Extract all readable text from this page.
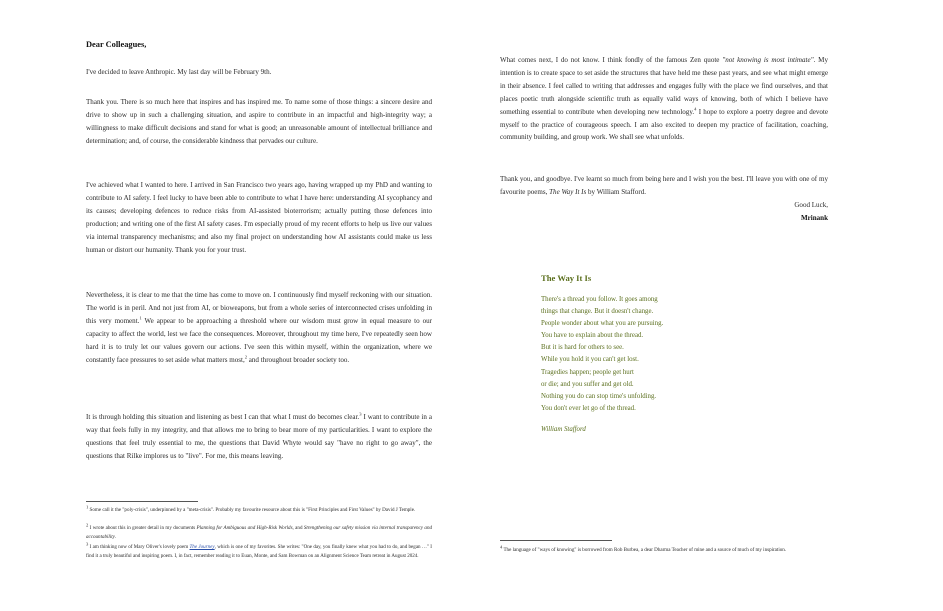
Dear Colleagues,

I've decided to leave Anthropic. My last day will be February 9th.

Thank you. There is so much here that inspires and has inspired me. To name some of those things: a sincere desire and drive to show up in such a challenging situation, and aspire to contribute in an impactful and high-integrity way; a willingness to make difficult decisions and stand for what is good; an unreasonable amount of intellectual brilliance and determination; and, of course, the considerable kindness that pervades our culture.

I've achieved what I wanted to here. I arrived in San Francisco two years ago, having wrapped up my PhD and wanting to contribute to AI safety. I feel lucky to have been able to contribute to what I have here: understanding AI sycophancy and its causes; developing defences to reduce risks from AI-assisted bioterrorism; actually putting those defences into production; and writing one of the first AI safety cases. I'm especially proud of my recent efforts to help us live our values via internal transparency mechanisms; and also my final project on understanding how AI assistants could make us less human or distort our humanity. Thank you for your trust.

Nevertheless, it is clear to me that the time has come to move on. I continuously find myself reckoning with our situation. The world is in peril. And not just from AI, or bioweapons, but from a whole series of interconnected crises unfolding in this very moment.$^1$ We appear to be approaching a threshold where our wisdom must grow in equal measure to our capacity to affect the world, lest we face the consequences. Moreover, throughout my time here, I've repeatedly seen how hard it is to truly let our values govern our actions. I've seen this within myself, within the organization, where we constantly face pressures to set aside what matters most,$^2$ and throughout broader society too.

It is through holding this situation and listening as best I can that what I must do becomes clear.$^3$ I want to contribute in a way that feels fully in my integrity, and that allows me to bring to bear more of my particularities. I want to explore the questions that feel truly essential to me, the questions that David Whyte would say "have no right to go away", the questions that Rilke implores us to "live". For me, this means leaving.

1 Some call it the "poly-crisis", underpinned by a "meta-crisis". Probably my favourite resource about this is "First Principles and First Values" by David J Temple.

2 I wrote about this in greater detail in my documents Planning for Ambiguous and High-Risk Worlds, and Strengthening our safety mission via internal transparency and accountability.

3 I am thinking now of Mary Oliver's lovely poem The Journey, which is one of my favorites. She writes: "One day, you finally knew what you had to do, and began …" I find it a truly beautiful and inspiring poem. I, in fact, remember reading it to Euan, Monte, and Sam Bowman on an Alignment Science Team retreat in August 2024.

What comes next, I do not know. I think fondly of the famous Zen quote "not knowing is most intimate". My intention is to create space to set aside the structures that have held me these past years, and see what might emerge in their absence. I feel called to writing that addresses and engages fully with the place we find ourselves, and that places poetic truth alongside scientific truth as equally valid ways of knowing, both of which I believe have something essential to contribute when developing new technology.$^4$ I hope to explore a poetry degree and devote myself to the practice of courageous speech. I am also excited to deepen my practice of facilitation, coaching, community building, and group work. We shall see what unfolds.

Thank you, and goodbye. I've learnt so much from being here and I wish you the best. I'll leave you with one of my favourite poems, The Way It Is by William Stafford.

Good Luck,
Mrinank

4 The language of "ways of knowing" is borrowed from Rob Burbea, a dear Dharma Teacher of mine and a source of much of my inspiration.

The Way It Is
There's a thread you follow. It goes among
things that change. But it doesn't change.
People wonder about what you are pursuing.
You have to explain about the thread.
But it is hard for others to see.
While you hold it you can't get lost.
Tragedies happen; people get hurt
or die; and you suffer and get old.
Nothing you do can stop time's unfolding.
You don't ever let go of the thread.
William Stafford
